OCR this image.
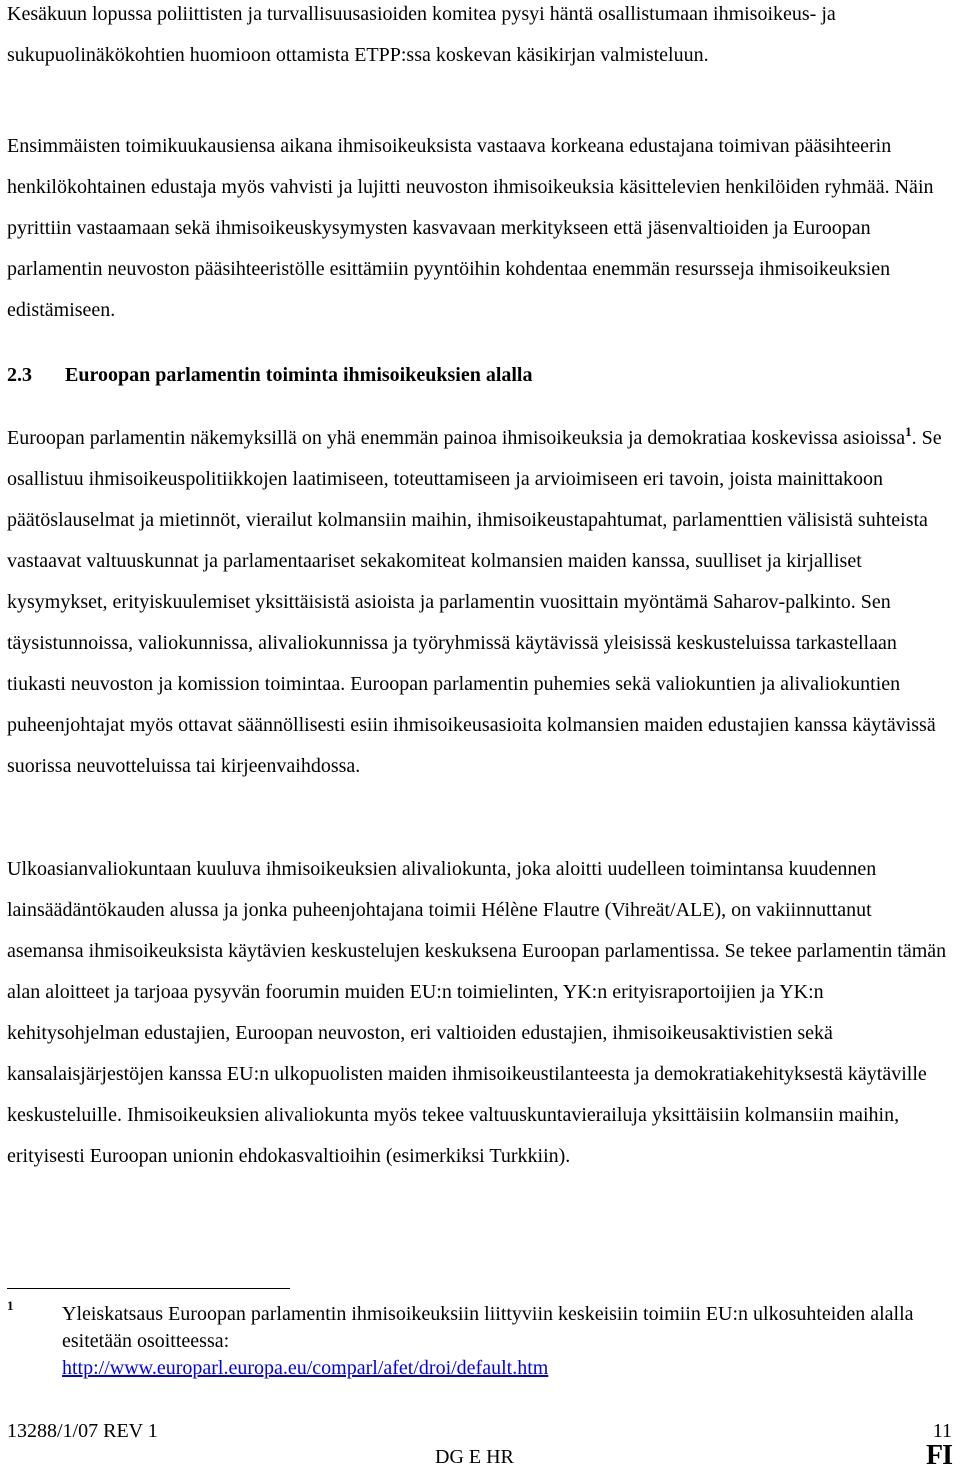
Kesäkuun lopussa poliittisten ja turvallisuusasioiden komitea pysyi häntä osallistumaan ihmisoikeus- ja sukupuolinäkökohtien huomioon ottamista ETPP:ssa koskevan käsikirjan valmisteluun.

Ensimmäisten toimikuukausiensa aikana ihmisoikeuksista vastaava korkeana edustajana toimivan pääsihteerin henkilökohtainen edustaja myös vahvisti ja lujitti neuvoston ihmisoikeuksia käsittelevien henkilöiden ryhmää. Näin pyrittiin vastaamaan sekä ihmisoikeuskysymysten kasvavaan merkitykseen että jäsenvaltioiden ja Euroopan parlamentin neuvoston pääsihteeristölle esittämiin pyyntöihin kohdentaa enemmän resursseja ihmisoikeuksien edistämiseen.

2.3 Euroopan parlamentin toiminta ihmisoikeuksien alalla

Euroopan parlamentin näkemyksillä on yhä enemmän painoa ihmisoikeuksia ja demokratiaa koskevissa asioissa$^1$. Se osallistuu ihmisoikeuspolitiikkojen laatimiseen, toteuttamiseen ja arvioimiseen eri tavoin, joista mainittakoon päätöslauselmat ja mietinnöt, vierailut kolmansiin maihin, ihmisoikeustapahtumat, parlamenttien välisistä suhteista vastaavat valtuuskunnat ja parlamentaariset sekakomiteat kolmansien maiden kanssa, suulliset ja kirjalliset kysymykset, erityiskuulemiset yksittäisistä asioista ja parlamentin vuosittain myöntämä Saharov-palkinto. Sen täysistunnoissa, valiokunnissa, alivaliokunnissa ja työryhmissä käytävissä yleisissä keskusteluissa tarkastellaan tiukasti neuvoston ja komission toimintaa. Euroopan parlamentin puhemies sekä valiokuntien ja alivaliokuntien puheenjohtajat myös ottavat säännöllisesti esiin ihmisoikeusasioita kolmansien maiden edustajien kanssa käytävissä suorissa neuvotteluissa tai kirjeenvaihdossa.

Ulkoasianvaliokuntaan kuuluva ihmisoikeuksien alivaliokunta, joka aloitti uudelleen toimintansa kuudennen lainsäädäntökauden alussa ja jonka puheenjohtajana toimii Hélène Flautre (Vihreät/ALE), on vakiinnuttanut asemansa ihmisoikeuksista käytävien keskustelujen keskuksena Euroopan parlamentissa. Se tekee parlamentin tämän alan aloitteet ja tarjoaa pysyvän foorumin muiden EU:n toimielinten, YK:n erityisraportoijien ja YK:n kehitysohjelman edustajien, Euroopan neuvoston, eri valtioiden edustajien, ihmisoikeusaktivistien sekä kansalaisjärjestöjen kanssa EU:n ulkopuolisten maiden ihmisoikeustilanteesta ja demokratiakehityksestä käytäville keskusteluille. Ihmisoikeuksien alivaliokunta myös tekee valtuuskuntavierailuja yksittäisiin kolmansiin maihin, erityisesti Euroopan unionin ehdokasvaltioihin (esimerkiksi Turkkiin).

1 Yleiskatsaus Euroopan parlamentin ihmisoikeuksiin liittyviin keskeisiin toimiin EU:n ulkosuhteiden alalla esitetään osoitteessa:
http://www.europarl.europa.eu/comparl/afet/droi/default.htm

13288/1/07 REV 1	11
DG E HR	FI
